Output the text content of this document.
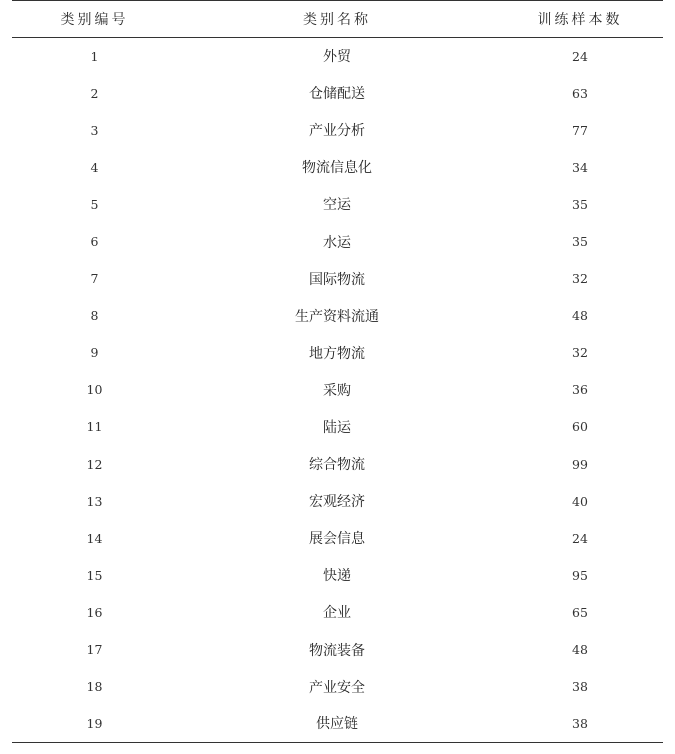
类别编号	类别名称	训练样本数
1	外贸	24
2	仓储配送	63
3	产业分析	77
4	物流信息化	34
5	空运	35
6	水运	35
7	国际物流	32
8	生产资料流通	48
9	地方物流	32
10	采购	36
11	陆运	60
12	综合物流	99
13	宏观经济	40
14	展会信息	24
15	快递	95
16	企业	65
17	物流装备	48
18	产业安全	38
19	供应链	38
